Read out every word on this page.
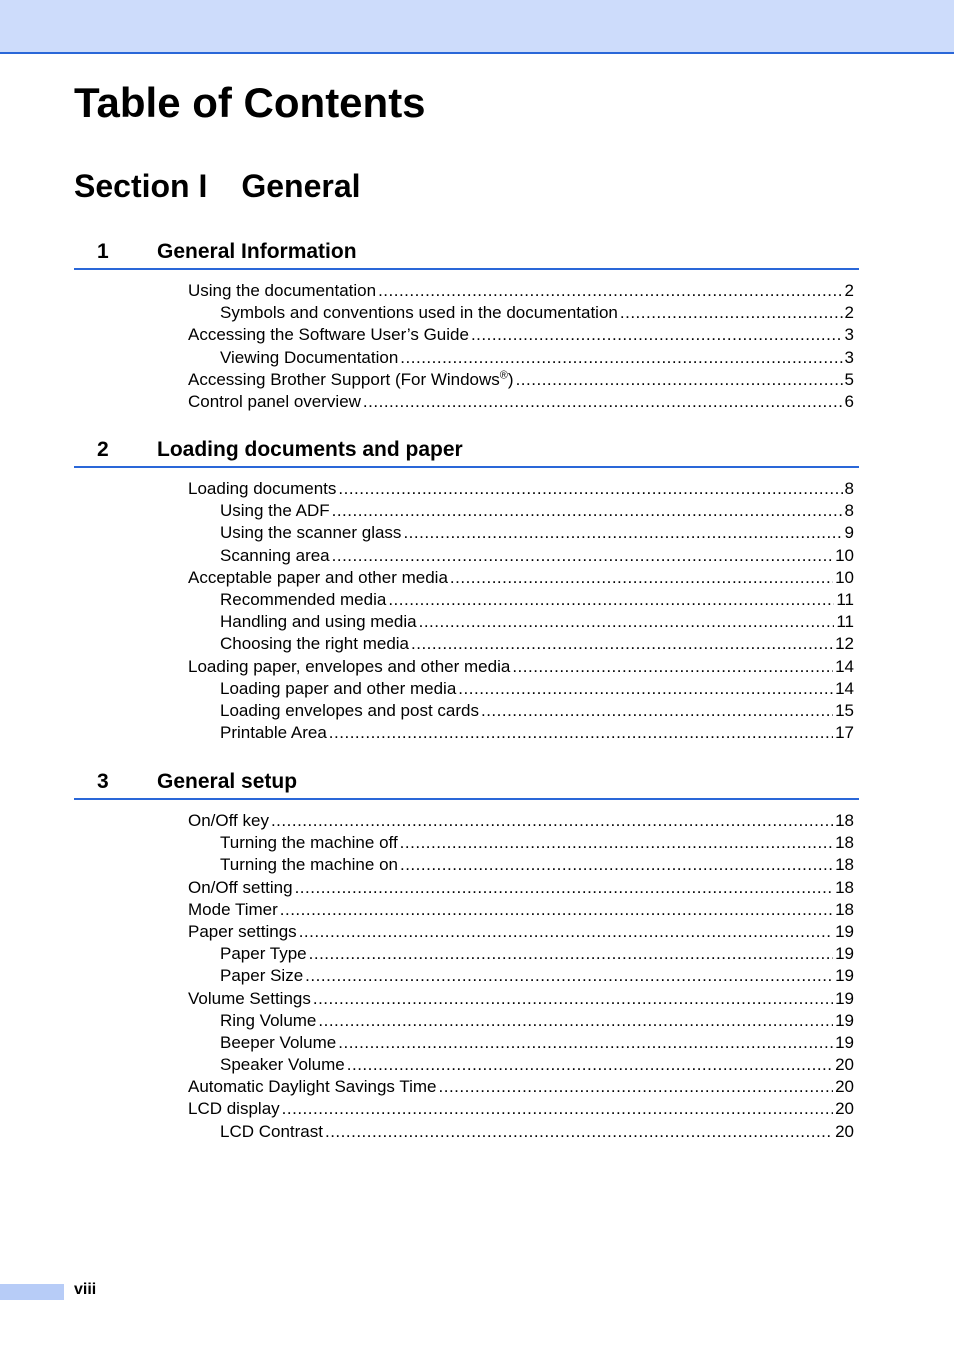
Table of Contents
Section I General
1 General Information
Using the documentation .....	2
Symbols and conventions used in the documentation .....	2
Accessing the Software User’s Guide .....	3
Viewing Documentation .....	3
Accessing Brother Support (For Windows®) .....	5
Control panel overview .....	6
2 Loading documents and paper
Loading documents .....	8
Using the ADF .....	8
Using the scanner glass .....	9
Scanning area .....	10
Acceptable paper and other media .....	10
Recommended media .....	11
Handling and using media .....	11
Choosing the right media .....	12
Loading paper, envelopes and other media .....	14
Loading paper and other media .....	14
Loading envelopes and post cards .....	15
Printable Area .....	17
3 General setup
On/Off key .....	18
Turning the machine off .....	18
Turning the machine on .....	18
On/Off setting .....	18
Mode Timer .....	18
Paper settings .....	19
Paper Type .....	19
Paper Size .....	19
Volume Settings .....	19
Ring Volume .....	19
Beeper Volume .....	19
Speaker Volume .....	20
Automatic Daylight Savings Time .....	20
LCD display .....	20
LCD Contrast .....	20
viii
